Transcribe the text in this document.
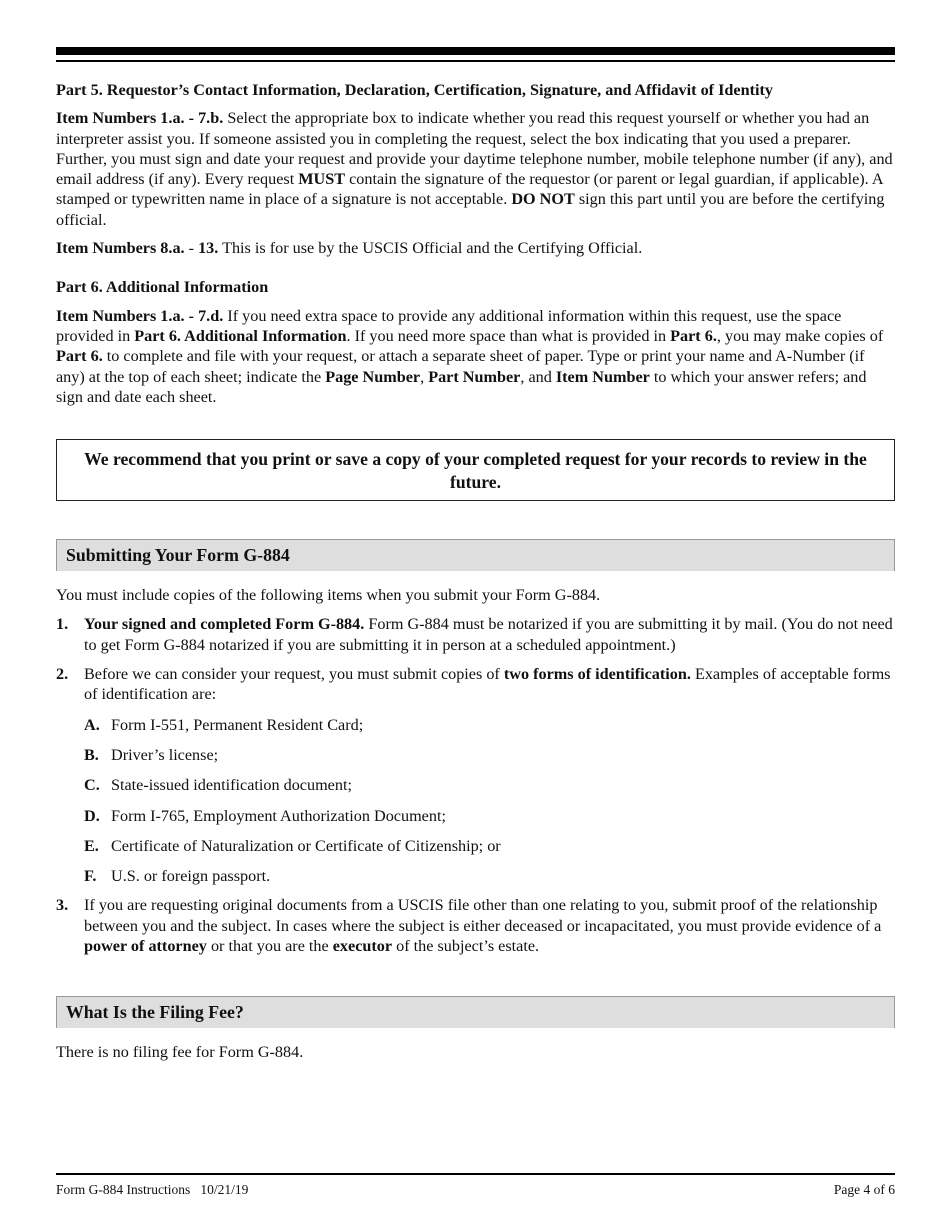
Part 5. Requestor’s Contact Information, Declaration, Certification, Signature, and Affidavit of Identity

Item Numbers 1.a. - 7.b. Select the appropriate box to indicate whether you read this request yourself or whether you had an interpreter assist you. If someone assisted you in completing the request, select the box indicating that you used a preparer. Further, you must sign and date your request and provide your daytime telephone number, mobile telephone number (if any), and email address (if any). Every request MUST contain the signature of the requestor (or parent or legal guardian, if applicable). A stamped or typewritten name in place of a signature is not acceptable. DO NOT sign this part until you are before the certifying official.

Item Numbers 8.a. - 13. This is for use by the USCIS Official and the Certifying Official.

Part 6. Additional Information

Item Numbers 1.a. - 7.d. If you need extra space to provide any additional information within this request, use the space provided in Part 6. Additional Information. If you need more space than what is provided in Part 6., you may make copies of Part 6. to complete and file with your request, or attach a separate sheet of paper. Type or print your name and A-Number (if any) at the top of each sheet; indicate the Page Number, Part Number, and Item Number to which your answer refers; and sign and date each sheet.

We recommend that you print or save a copy of your completed request for your records to review in the future.
Submitting Your Form G-884

You must include copies of the following items when you submit your Form G-884.

1. Your signed and completed Form G-884. Form G-884 must be notarized if you are submitting it by mail. (You do not need to get Form G-884 notarized if you are submitting it in person at a scheduled appointment.)
2. Before we can consider your request, you must submit copies of two forms of identification. Examples of acceptable forms of identification are:
A. Form I-551, Permanent Resident Card;
B. Driver’s license;
C. State-issued identification document;
D. Form I-765, Employment Authorization Document;
E. Certificate of Naturalization or Certificate of Citizenship; or
F. U.S. or foreign passport.
3. If you are requesting original documents from a USCIS file other than one relating to you, submit proof of the relationship between you and the subject. In cases where the subject is either deceased or incapacitated, you must provide evidence of a power of attorney or that you are the executor of the subject’s estate.
What Is the Filing Fee?

There is no filing fee for Form G-884.

Form G-884 Instructions   10/21/19	Page 4 of 6
